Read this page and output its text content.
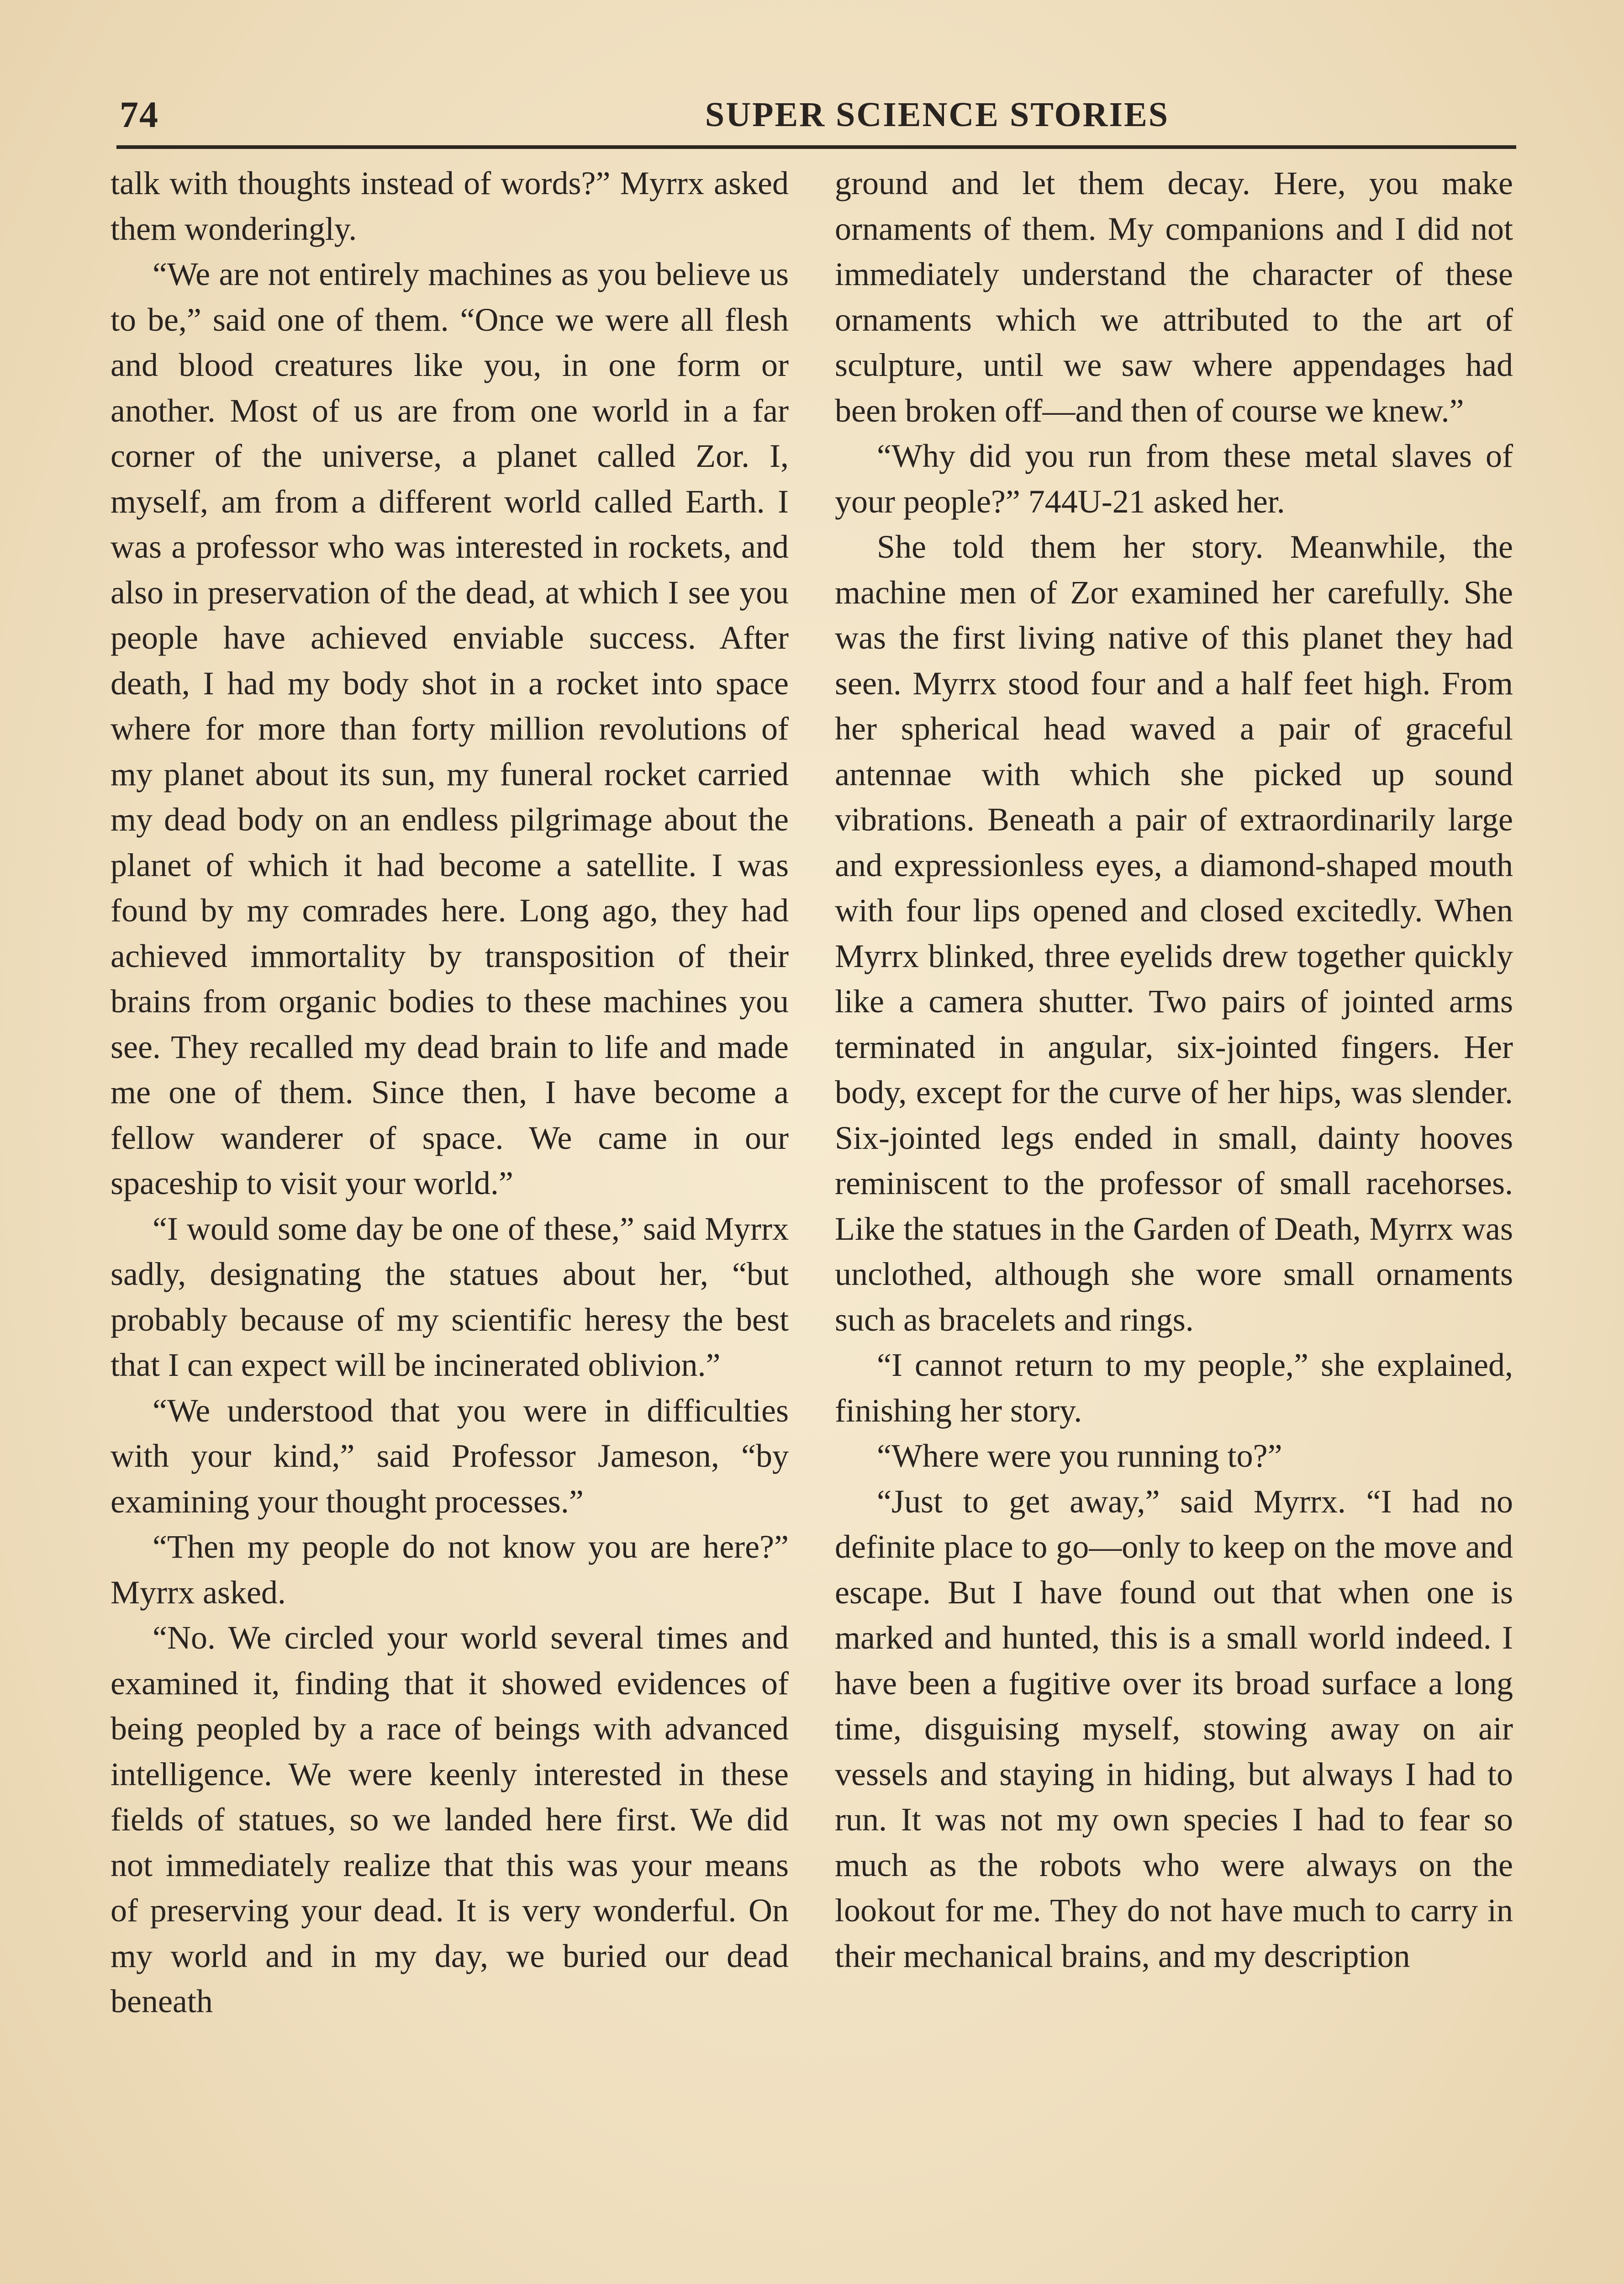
74	SUPER SCIENCE STORIES

talk with thoughts instead of words?” Myrrx asked them wonderingly.

“We are not entirely machines as you believe us to be,” said one of them. “Once we were all flesh and blood creatures like you, in one form or another. Most of us are from one world in a far corner of the universe, a planet called Zor. I, myself, am from a different world called Earth. I was a professor who was interested in rockets, and also in preservation of the dead, at which I see you people have achieved enviable success. After death, I had my body shot in a rocket into space where for more than forty million revolutions of my planet about its sun, my funeral rocket carried my dead body on an endless pilgrimage about the planet of which it had become a satellite. I was found by my comrades here. Long ago, they had achieved immortality by transposition of their brains from organic bodies to these machines you see. They recalled my dead brain to life and made me one of them. Since then, I have become a fellow wanderer of space. We came in our spaceship to visit your world.”

“I would some day be one of these,” said Myrrx sadly, designating the statues about her, “but probably because of my scientific heresy the best that I can expect will be incinerated oblivion.”

“We understood that you were in difficulties with your kind,” said Professor Jameson, “by examining your thought processes.”

“Then my people do not know you are here?” Myrrx asked.

“No. We circled your world several times and examined it, finding that it showed evidences of being peopled by a race of beings with advanced intelligence. We were keenly interested in these fields of statues, so we landed here first. We did not immediately realize that this was your means of preserving your dead. It is very wonderful. On my world and in my day, we buried our dead beneath

ground and let them decay. Here, you make ornaments of them. My companions and I did not immediately understand the character of these ornaments which we attributed to the art of sculpture, until we saw where appendages had been broken off—and then of course we knew.”

“Why did you run from these metal slaves of your people?” 744U-21 asked her.

She told them her story. Meanwhile, the machine men of Zor examined her carefully. She was the first living native of this planet they had seen. Myrrx stood four and a half feet high. From her spherical head waved a pair of graceful antennae with which she picked up sound vibrations. Beneath a pair of extraordinarily large and expressionless eyes, a diamond-shaped mouth with four lips opened and closed excitedly. When Myrrx blinked, three eyelids drew together quickly like a camera shutter. Two pairs of jointed arms terminated in angular, six-jointed fingers. Her body, except for the curve of her hips, was slender. Six-jointed legs ended in small, dainty hooves reminiscent to the professor of small racehorses. Like the statues in the Garden of Death, Myrrx was unclothed, although she wore small ornaments such as bracelets and rings.

“I cannot return to my people,” she explained, finishing her story.

“Where were you running to?”

“Just to get away,” said Myrrx. “I had no definite place to go—only to keep on the move and escape. But I have found out that when one is marked and hunted, this is a small world indeed. I have been a fugitive over its broad surface a long time, disguising myself, stowing away on air vessels and staying in hiding, but always I had to run. It was not my own species I had to fear so much as the robots who were always on the lookout for me. They do not have much to carry in their mechanical brains, and my description
